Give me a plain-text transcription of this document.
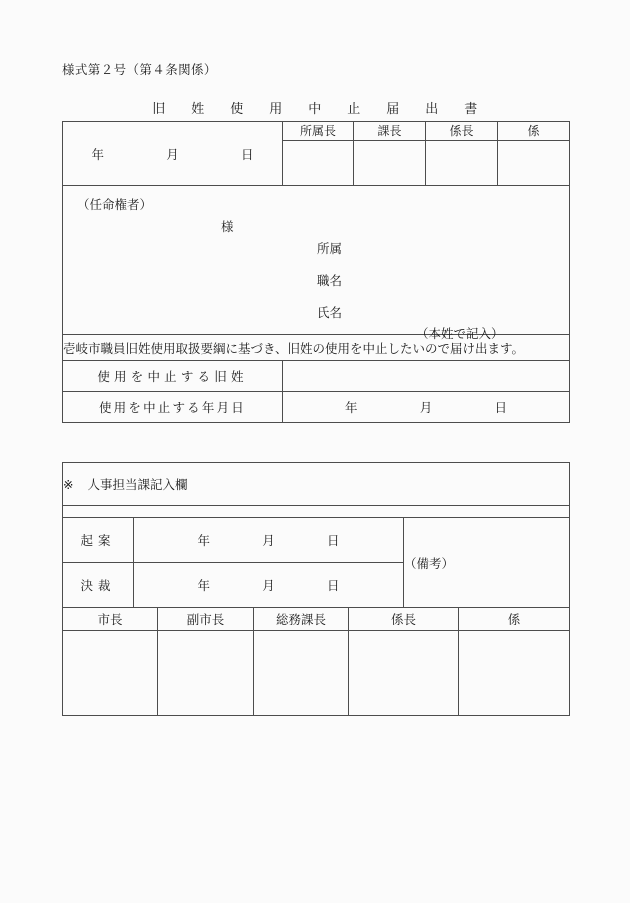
様式第２号（第４条関係）
旧　姓　使　用　中　止　届　出　書
年 月 日	所属長	課長	係長	係

（任命権者）
様
所属
職名
氏名
（本姓で記入）

壱岐市職員旧姓使用取扱要綱に基づき、旧姓の使用を中止したいので届け出ます。				
使用を中止する旧姓				
使用を中止する年月日	年 月 日			
※ 人事担当課記入欄						

起案	年 月 日				（備考）	
決裁	年 月 日					
市長		副市長	総務課長	係長		係
